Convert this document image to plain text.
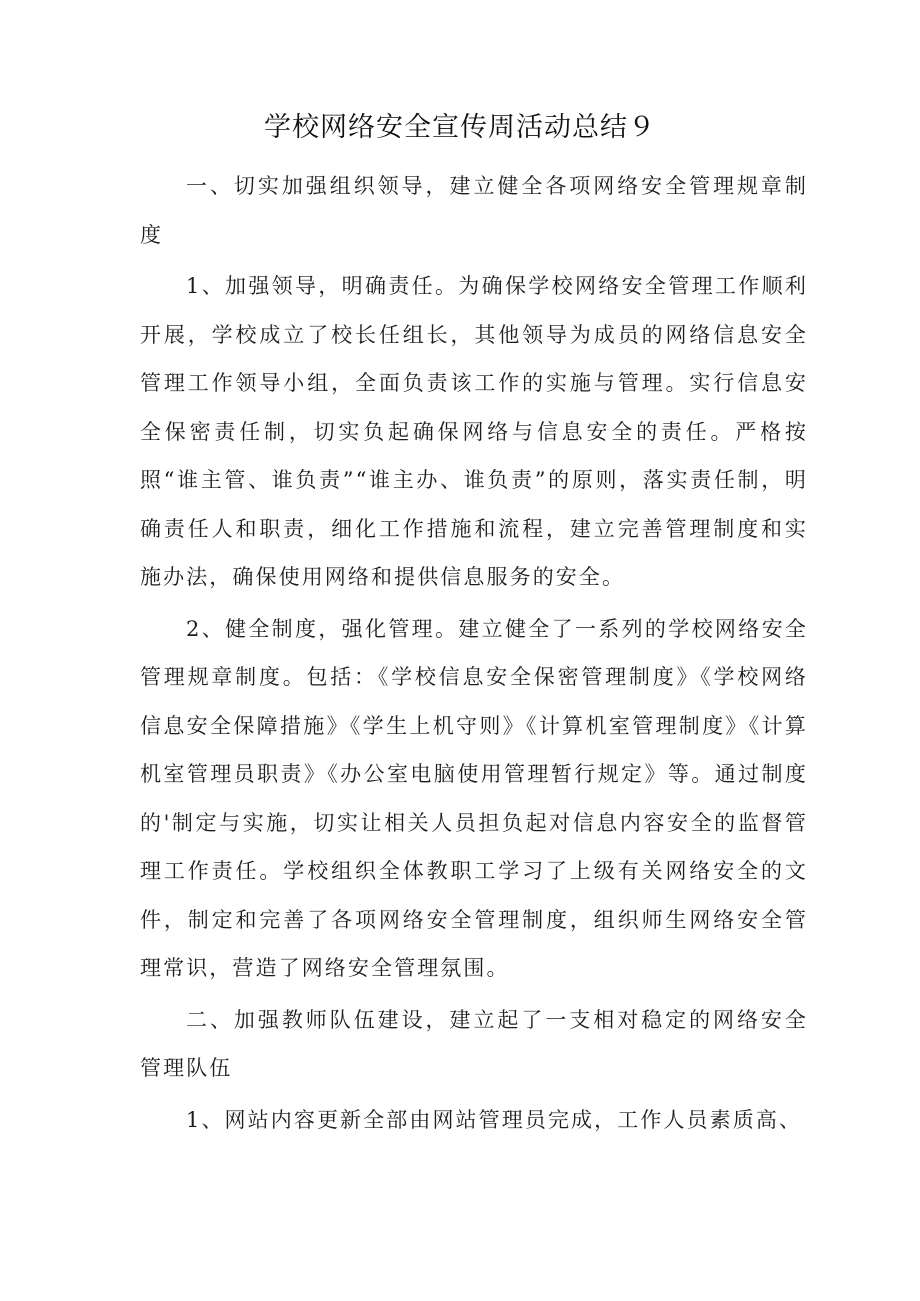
学校网络安全宣传周活动总结９

一、切实加强组织领导，建立健全各项网络安全管理规章制度

1、加强领导，明确责任。为确保学校网络安全管理工作顺利开展，学校成立了校长任组长，其他领导为成员的网络信息安全管理工作领导小组，全面负责该工作的实施与管理。实行信息安全保密责任制，切实负起确保网络与信息安全的责任。严格按照“谁主管、谁负责”“谁主办、谁负责”的原则，落实责任制，明确责任人和职责，细化工作措施和流程，建立完善管理制度和实施办法，确保使用网络和提供信息服务的安全。

2、健全制度，强化管理。建立健全了一系列的学校网络安全管理规章制度。包括：《学校信息安全保密管理制度》《学校网络信息安全保障措施》《学生上机守则》《计算机室管理制度》《计算机室管理员职责》《办公室电脑使用管理暂行规定》等。通过制度的'制定与实施，切实让相关人员担负起对信息内容安全的监督管理工作责任。学校组织全体教职工学习了上级有关网络安全的文件，制定和完善了各项网络安全管理制度，组织师生网络安全管理常识，营造了网络安全管理氛围。

二、加强教师队伍建设，建立起了一支相对稳定的网络安全管理队伍

1、网站内容更新全部由网站管理员完成，工作人员素质高、
